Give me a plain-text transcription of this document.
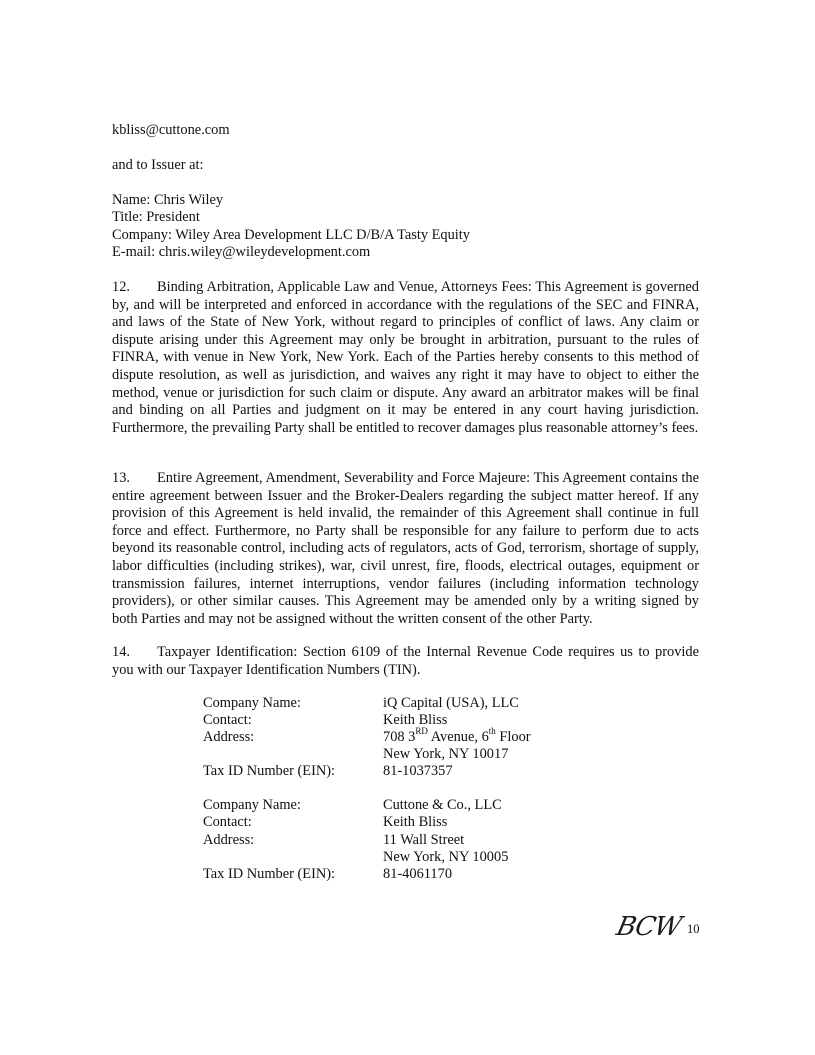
kbliss@cuttone.com
and to Issuer at:
Name: Chris Wiley
Title: President
Company: Wiley Area Development LLC D/B/A Tasty Equity
E-mail: chris.wiley@wileydevelopment.com

12. Binding Arbitration, Applicable Law and Venue, Attorneys Fees: This Agreement is governed by, and will be interpreted and enforced in accordance with the regulations of the SEC and FINRA, and laws of the State of New York, without regard to principles of conflict of laws. Any claim or dispute arising under this Agreement may only be brought in arbitration, pursuant to the rules of FINRA, with venue in New York, New York. Each of the Parties hereby consents to this method of dispute resolution, as well as jurisdiction, and waives any right it may have to object to either the method, venue or jurisdiction for such claim or dispute. Any award an arbitrator makes will be final and binding on all Parties and judgment on it may be entered in any court having jurisdiction. Furthermore, the prevailing Party shall be entitled to recover damages plus reasonable attorney’s fees.

13. Entire Agreement, Amendment, Severability and Force Majeure: This Agreement contains the entire agreement between Issuer and the Broker-Dealers regarding the subject matter hereof. If any provision of this Agreement is held invalid, the remainder of this Agreement shall continue in full force and effect. Furthermore, no Party shall be responsible for any failure to perform due to acts beyond its reasonable control, including acts of regulators, acts of God, terrorism, shortage of supply, labor difficulties (including strikes), war, civil unrest, fire, floods, electrical outages, equipment or transmission failures, internet interruptions, vendor failures (including information technology providers), or other similar causes. This Agreement may be amended only by a writing signed by both Parties and may not be assigned without the written consent of the other Party.

14. Taxpayer Identification: Section 6109 of the Internal Revenue Code requires us to provide you with our Taxpayer Identification Numbers (TIN).

Company Name:	iQ Capital (USA), LLC
Contact:	Keith Bliss
Address:	708 3RD Avenue, 6th Floor
New York, NY 10017
Tax ID Number (EIN):	81-1037357
Company Name:	Cuttone & Co., LLC
Contact:	Keith Bliss
Address:	11 Wall Street
New York, NY 10005
Tax ID Number (EIN):	81-4061170
BCW 10
